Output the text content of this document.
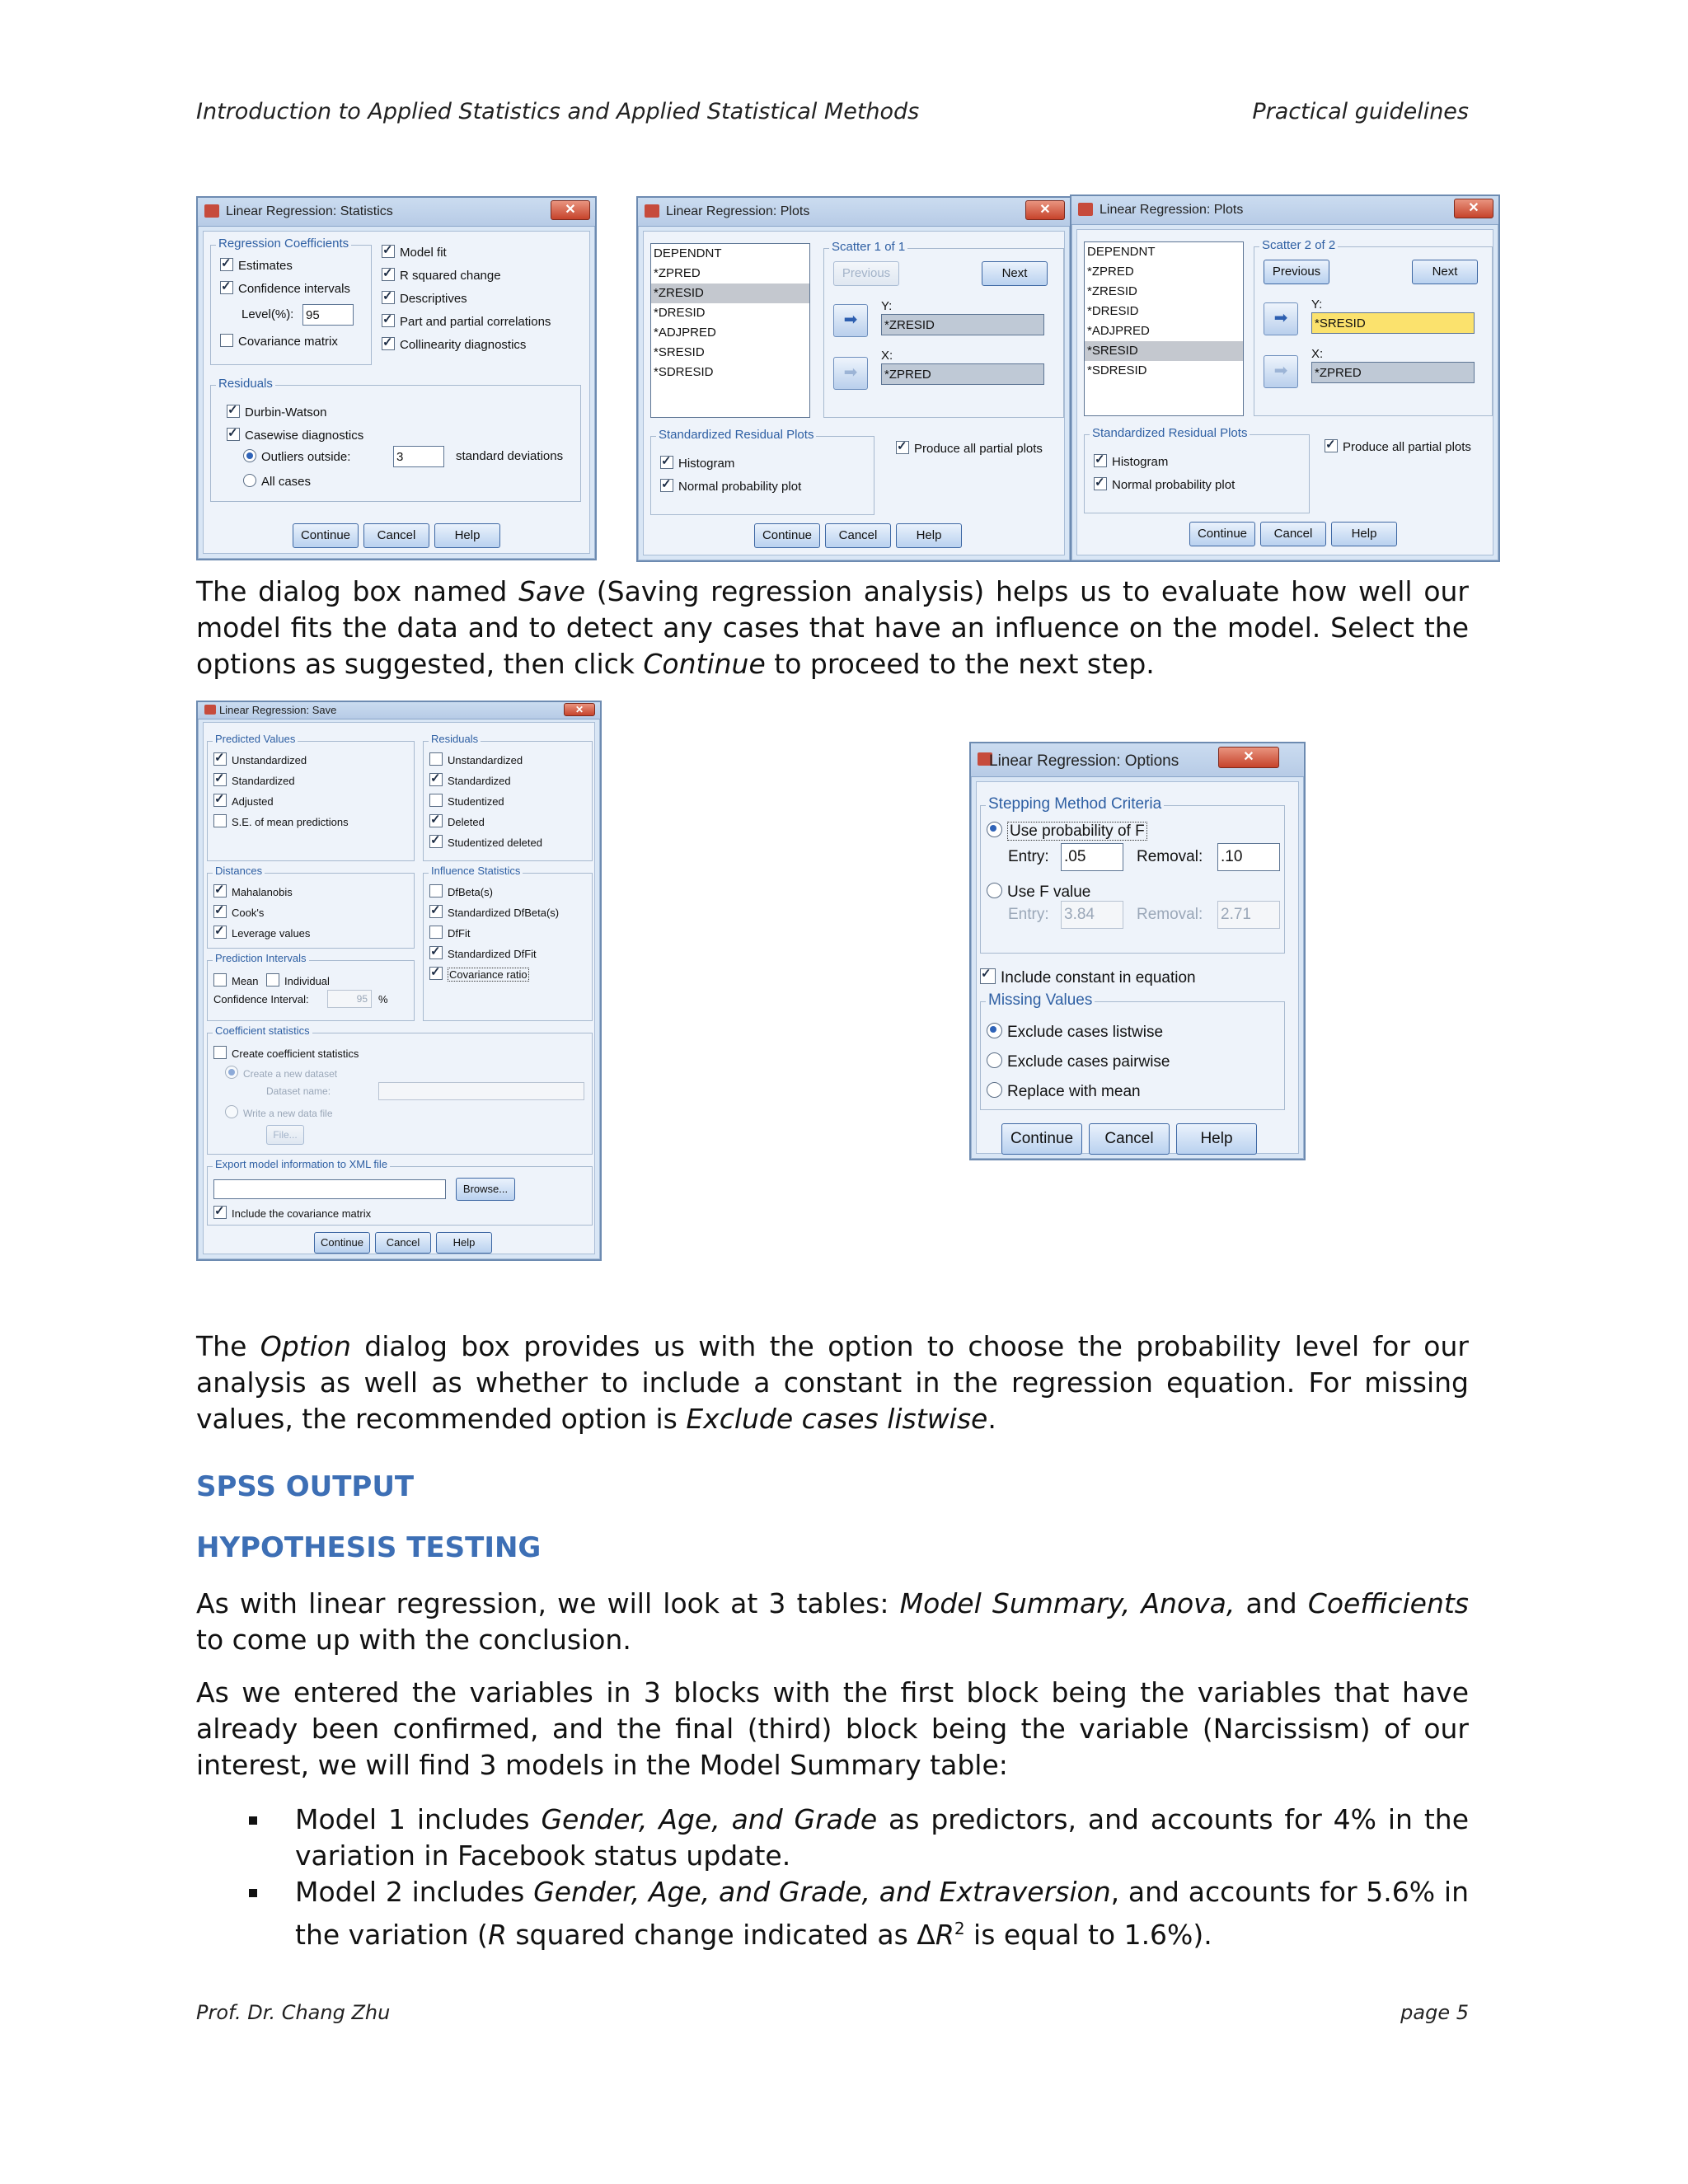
Introduction to Applied Statistics and Applied Statistical Methods	Practical guidelines
Linear Regression: Statistics	✕
Regression Coefficients
✓Estimates
✓Confidence intervals
Level(%): 95
Covariance matrix
✓Model fit
✓R squared change
✓Descriptives
✓Part and partial correlations
✓Collinearity diagnostics
Residuals
✓Durbin-Watson
✓Casewise diagnostics
Outliers outside:	3	standard deviations
All cases
Continue	Cancel	Help
Linear Regression: Plots	✕
DEPENDNT
*ZPRED
*ZRESID
*DRESID
*ADJPRED
*SRESID
*SDRESID
Scatter 1 of 1
Previous	Next
➡
Y:
*ZRESID
➡
X:
*ZPRED
Standardized Residual Plots
✓Histogram
✓Normal probability plot
✓Produce all partial plots
Continue	Cancel	Help
Linear Regression: Plots	✕
DEPENDNT
*ZPRED
*ZRESID
*DRESID
*ADJPRED
*SRESID
*SDRESID
Scatter 2 of 2
Previous	Next
➡
Y:
*SRESID
➡
X:
*ZPRED
Standardized Residual Plots
✓Histogram
✓Normal probability plot
✓Produce all partial plots
Continue	Cancel	Help
The dialog box named Save (Saving regression analysis) helps us to evaluate how well our model fits the data and to detect any cases that have an influence on the model. Select the options as suggested, then click Continue to proceed to the next step.
Linear Regression: Save	✕
Predicted Values
✓Unstandardized
✓Standardized
✓Adjusted
S.E. of mean predictions
Residuals
Unstandardized
✓Standardized
Studentized
✓Deleted
✓Studentized deleted
Distances
✓Mahalanobis
✓Cook's
✓Leverage values
Influence Statistics
DfBeta(s)
✓Standardized DfBeta(s)
DfFit
✓Standardized DfFit
✓Covariance ratio
Prediction Intervals
Mean	Individual
Confidence Interval:	95	%
Coefficient statistics
Create coefficient statistics
Create a new dataset
Dataset name:
Write a new data file
File...
Export model information to XML file
Browse...
✓Include the covariance matrix
Continue	Cancel	Help
Linear Regression: Options	✕
Stepping Method Criteria
Use probability of F
Entry: .05	Removal: .10
Use F value
Entry: 3.84	Removal: 2.71
✓Include constant in equation
Missing Values
Exclude cases listwise
Exclude cases pairwise
Replace with mean
Continue	Cancel	Help
The Option dialog box provides us with the option to choose the probability level for our analysis as well as whether to include a constant in the regression equation. For missing values, the recommended option is Exclude cases listwise.
SPSS OUTPUT
HYPOTHESIS TESTING
As with linear regression, we will look at 3 tables: Model Summary, Anova, and Coefficients to come up with the conclusion.
As we entered the variables in 3 blocks with the first block being the variables that have already been confirmed, and the final (third) block being the variable (Narcissism) of our interest, we will find 3 models in the Model Summary table:
Model 1 includes Gender, Age, and Grade as predictors, and accounts for 4% in the variation in Facebook status update.
Model 2 includes Gender, Age, and Grade, and Extraversion, and accounts for 5.6% in the variation (R squared change indicated as $\Delta R^2$ is equal to 1.6%).
Prof. Dr. Chang Zhu	page 5
